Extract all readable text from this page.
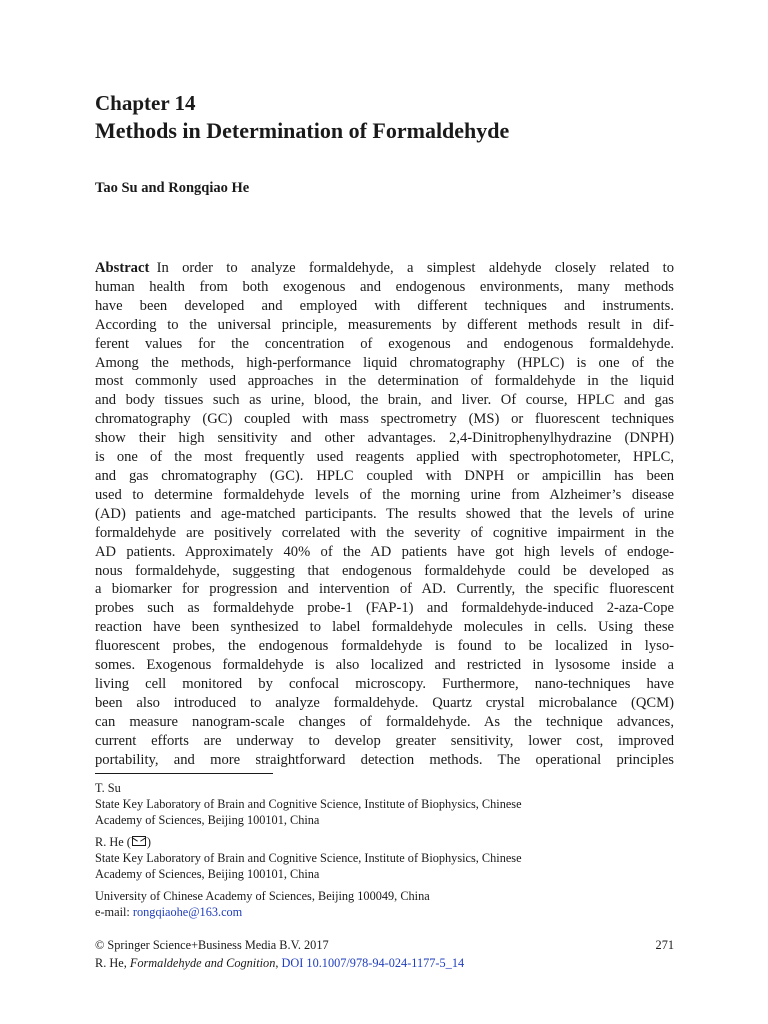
Chapter 14
Methods in Determination of Formaldehyde
Tao Su and Rongqiao He
Abstract  In order to analyze formaldehyde, a simplest aldehyde closely related to
human health from both exogenous and endogenous environments, many methods
have been developed and employed with different techniques and instruments.
According to the universal principle, measurements by different methods result in dif-
ferent values for the concentration of exogenous and endogenous formaldehyde.
Among the methods, high-performance liquid chromatography (HPLC) is one of the
most commonly used approaches in the determination of formaldehyde in the liquid
and body tissues such as urine, blood, the brain, and liver. Of course, HPLC and gas
chromatography (GC) coupled with mass spectrometry (MS) or fluorescent techniques
show their high sensitivity and other advantages. 2,4-Dinitrophenylhydrazine (DNPH)
is one of the most frequently used reagents applied with spectrophotometer, HPLC,
and gas chromatography (GC). HPLC coupled with DNPH or ampicillin has been
used to determine formaldehyde levels of the morning urine from Alzheimer’s disease
(AD) patients and age-matched participants. The results showed that the levels of urine
formaldehyde are positively correlated with the severity of cognitive impairment in the
AD patients. Approximately 40% of the AD patients have got high levels of endoge-
nous formaldehyde, suggesting that endogenous formaldehyde could be developed as
a biomarker for progression and intervention of AD. Currently, the specific fluorescent
probes such as formaldehyde probe-1 (FAP-1) and formaldehyde-induced 2-aza-Cope
reaction have been synthesized to label formaldehyde molecules in cells. Using these
fluorescent probes, the endogenous formaldehyde is found to be localized in lyso-
somes. Exogenous formaldehyde is also localized and restricted in lysosome inside a
living cell monitored by confocal microscopy. Furthermore, nano-techniques have
been also introduced to analyze formaldehyde. Quartz crystal microbalance (QCM)
can measure nanogram-scale changes of formaldehyde. As the technique advances,
current efforts are underway to develop greater sensitivity, lower cost, improved
portability, and more straightforward detection methods. The operational principles
T. Su
State Key Laboratory of Brain and Cognitive Science, Institute of Biophysics, Chinese
Academy of Sciences, Beijing 100101, China
R. He ( )
State Key Laboratory of Brain and Cognitive Science, Institute of Biophysics, Chinese
Academy of Sciences, Beijing 100101, China
University of Chinese Academy of Sciences, Beijing 100049, China
e-mail: rongqiaohe@163.com
© Springer Science+Business Media B.V. 2017
R. He, Formaldehyde and Cognition, DOI 10.1007/978-94-024-1177-5_14
271
